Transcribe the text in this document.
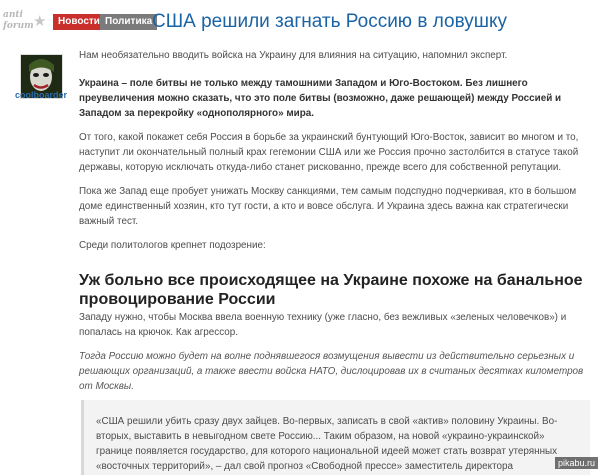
anti forum ★	Новости Политика США решили загнать Россию в ловушку
coolboarder

Нам необязательно вводить войска на Украину для влияния на ситуацию, напомнил эксперт.

Украина – поле битвы не только между тамошними Западом и Юго-Востоком. Без лишнего преувеличения можно сказать, что это поле битвы (возможно, даже решающей) между Россией и Западом за перекройку «однополярного» мира.

От того, какой покажет себя Россия в борьбе за украинский бунтующий Юго-Восток, зависит во многом и то, наступит ли окончательный полный крах гегемонии США или же Россия прочно застолбится в статусе такой державы, которую исключать откуда-либо станет рискованно, прежде всего для собственной репутации.

Пока же Запад еще пробует унижать Москву санкциями, тем самым подспудно подчеркивая, кто в большом доме единственный хозяин, кто тут гости, а кто и вовсе обслуга. И Украина здесь важна как стратегически важный тест.

Среди политологов крепнет подозрение:

Уж больно все происходящее на Украине похоже на банальное провоцирование России

Западу нужно, чтобы Москва ввела военную технику (уже гласно, без вежливых «зеленых человечков») и попалась на крючок. Как агрессор.

Тогда Россию можно будет на волне поднявшегося возмущения вывести из действительно серьезных и решающих организаций, а также ввести войска НАТО, дислоцировав их в считаных десятках километров от Москвы.

«США решили убить сразу двух зайцев. Во-первых, записать в свой «актив» половину Украины. Во-вторых, выставить в невыгодном свете Россию... Таким образом, на новой «украино-украинской» границе появляется государство, для которого национальной идеей может стать возврат утерянных «восточных территорий», – дал свой прогноз «Свободной прессе» заместитель директора	pikabu.ru
